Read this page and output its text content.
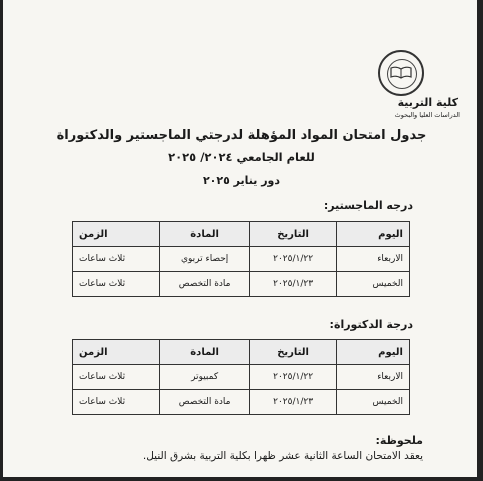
كلية التربية
الدراسات العليا والبحوث
جدول امتحان المواد المؤهلة لدرجتي الماجستير والدكتوراة
للعام الجامعي ٢٠٢٤/ ٢٠٢٥
دور يناير ٢٠٢٥
درجه الماجستير:
اليوم	التاريخ	المادة	الزمن
الاربعاء	٢٠٢٥/١/٢٢	إحصاء تربوي	ثلاث ساعات
الخميس	٢٠٢٥/١/٢٣	مادة التخصص	ثلاث ساعات
درجة الدكتوراة:
اليوم	التاريخ	المادة	الزمن
الاربعاء	٢٠٢٥/١/٢٢	كمبيوتر	ثلاث ساعات
الخميس	٢٠٢٥/١/٢٣	مادة التخصص	ثلاث ساعات
ملحوظة:
يعقد الامتحان الساعة الثانية عشر ظهرا بكلية التربية بشرق النيل.
